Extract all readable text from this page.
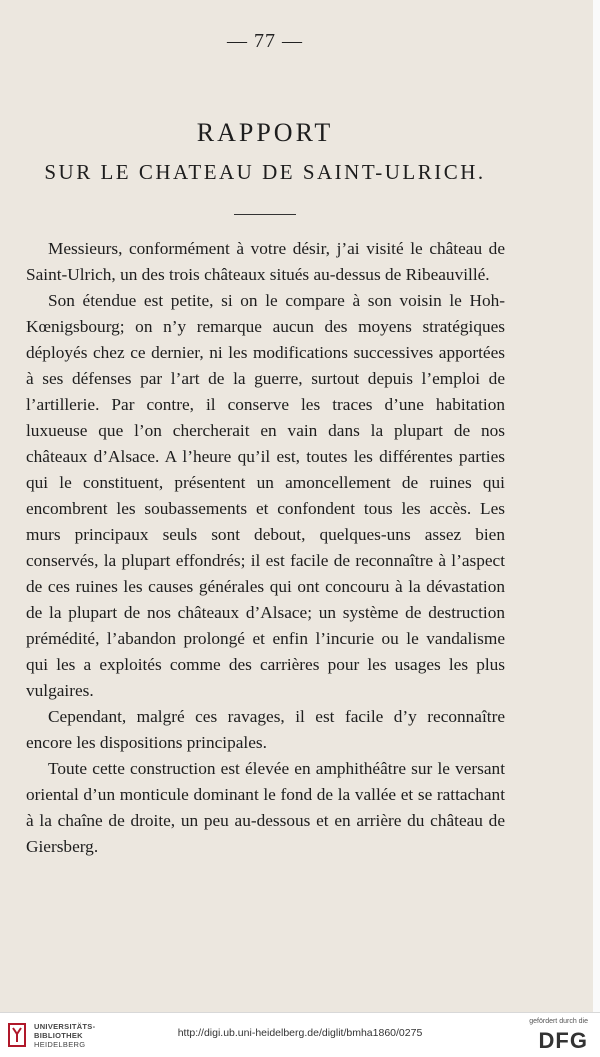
— 77 —
RAPPORT
SUR LE CHATEAU DE SAINT-ULRICH.

Messieurs, conformément à votre désir, j’ai visité le château de Saint-Ulrich, un des trois châteaux situés au-dessus de Ribeauvillé.

Son étendue est petite, si on le compare à son voisin le Hoh-Kœnigsbourg; on n’y remarque aucun des moyens stratégiques déployés chez ce dernier, ni les modifications successives apportées à ses défenses par l’art de la guerre, surtout depuis l’emploi de l’artillerie. Par contre, il conserve les traces d’une habitation luxueuse que l’on chercherait en vain dans la plupart de nos châteaux d’Alsace. A l’heure qu’il est, toutes les différentes parties qui le constituent, présentent un amoncellement de ruines qui encombrent les soubassements et confondent tous les accès. Les murs principaux seuls sont debout, quelques-uns assez bien conservés, la plupart effondrés; il est facile de reconnaître à l’aspect de ces ruines les causes générales qui ont concouru à la dévastation de la plupart de nos châteaux d’Alsace; un système de destruction prémédité, l’abandon prolongé et enfin l’incurie ou le vandalisme qui les a exploités comme des carrières pour les usages les plus vulgaires.

Cependant, malgré ces ravages, il est facile d’y reconnaître encore les dispositions principales.

Toute cette construction est élevée en amphithéâtre sur le versant oriental d’un monticule dominant le fond de la vallée et se rattachant à la chaîne de droite, un peu au-dessous et en arrière du château de Giersberg.

UNIVERSITÄTS-
BIBLIOTHEK
HEIDELBERG
http://digi.ub.uni-heidelberg.de/diglit/bmha1860/0275
gefördert durch die
DFG
